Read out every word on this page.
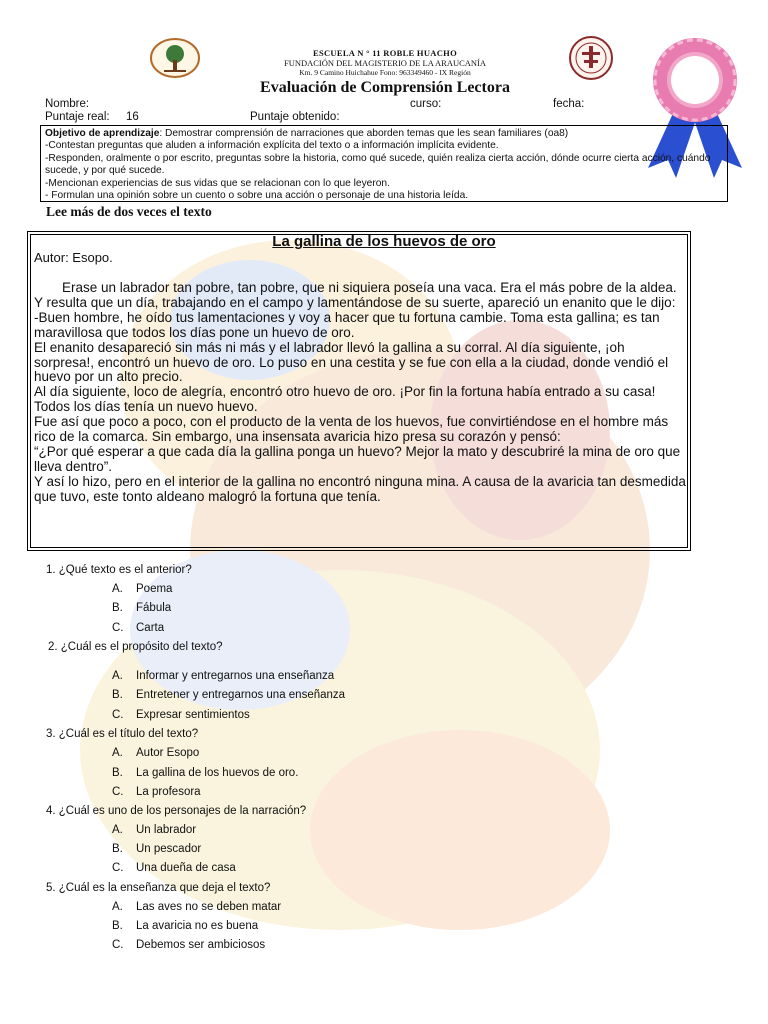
ESCUELA N ° 11 ROBLE HUACHO
FUNDACIÓN DEL MAGISTERIO DE LA ARAUCANÍA
Km. 9 Camino Huichahue Fono: 963349460 - IX Región
Evaluación de Comprensión Lectora
Nombre:	curso:	fecha:
Puntaje real: 16	Puntaje obtenido:
Objetivo de aprendizaje: Demostrar comprensión de narraciones que aborden temas que les sean familiares (oa8)
-Contestan preguntas que aluden a información explícita del texto o a información implícita evidente.
-Responden, oralmente o por escrito, preguntas sobre la historia, como qué sucede, quién realiza cierta acción, dónde ocurre cierta acción, cuándo sucede, y por qué sucede.
-Mencionan experiencias de sus vidas que se relacionan con lo que leyeron.
- Formulan una opinión sobre un cuento o sobre una acción o personaje de una historia leída.
Lee más de dos veces el texto
La gallina de los huevos de oro
Autor: Esopo.

Erase un labrador tan pobre, tan pobre, que ni siquiera poseía una vaca. Era el más pobre de la aldea. Y resulta que un día, trabajando en el campo y lamentándose de su suerte, apareció un enanito que le dijo:

-Buen hombre, he oído tus lamentaciones y voy a hacer que tu fortuna cambie. Toma esta gallina; es tan maravillosa que todos los días pone un huevo de oro.

El enanito desapareció sin más ni más y el labrador llevó la gallina a su corral. Al día siguiente, ¡oh sorpresa!, encontró un huevo de oro. Lo puso en una cestita y se fue con ella a la ciudad, donde vendió el huevo por un alto precio.

Al día siguiente, loco de alegría, encontró otro huevo de oro. ¡Por fin la fortuna había entrado a su casa! Todos los días tenía un nuevo huevo.

Fue así que poco a poco, con el producto de la venta de los huevos, fue convirtiéndose en el hombre más rico de la comarca. Sin embargo, una insensata avaricia hizo presa su corazón y pensó:

“¿Por qué esperar a que cada día la gallina ponga un huevo? Mejor la mato y descubriré la mina de oro que lleva dentro”.

Y así lo hizo, pero en el interior de la gallina no encontró ninguna mina. A causa de la avaricia tan desmedida que tuvo, este tonto aldeano malogró la fortuna que tenía.

1. ¿Qué texto es el anterior?
A. Poema
B. Fábula
C. Carta
2. ¿Cuál es el propósito del texto?
A. Informar y entregarnos una enseñanza
B. Entretener y entregarnos una enseñanza
C. Expresar sentimientos
3. ¿Cuál es el título del texto?
A. Autor Esopo
B. La gallina de los huevos de oro.
C. La profesora
4. ¿Cuál es uno de los personajes de la narración?
A. Un labrador
B. Un pescador
C. Una dueña de casa
5. ¿Cuál es la enseñanza que deja el texto?
A. Las aves no se deben matar
B. La avaricia no es buena
C. Debemos ser ambiciosos
